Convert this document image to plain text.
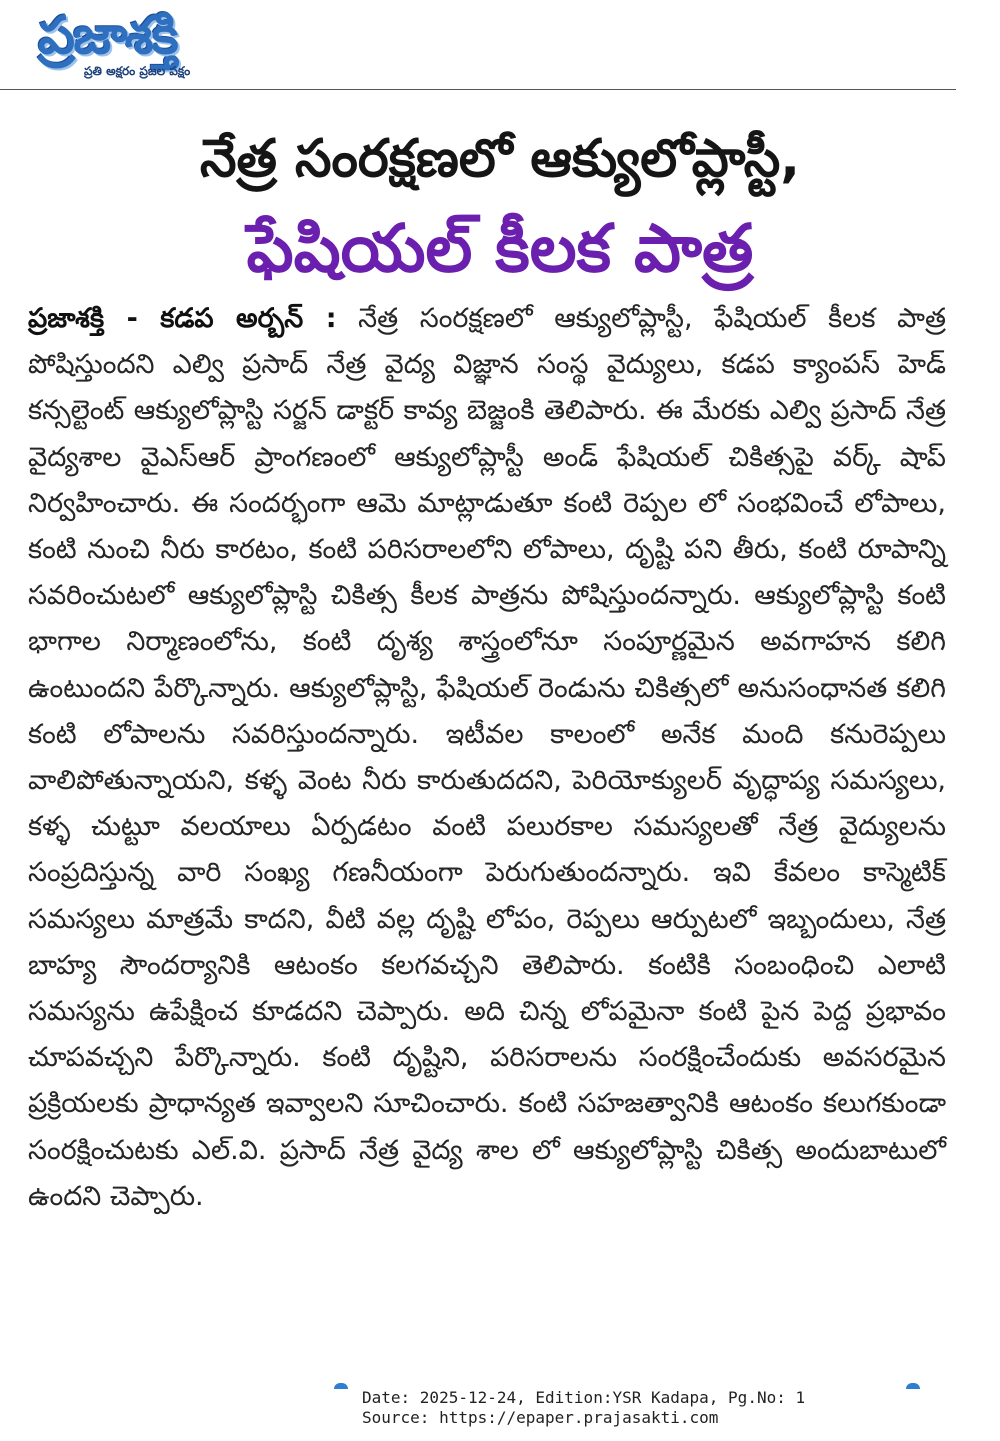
ప్రజాశక్తి
ప్రతి అక్షరం ప్రజల పక్షం
నేత్ర సంరక్షణలో ఆక్యులోప్లాస్టీ,
ఫేషియల్ కీలక పాత్ర

ప్రజాశక్తి - కడప అర్బన్ : నేత్ర సంరక్షణలో ఆక్యులోప్లాస్టీ, ఫేషియల్ కీలక పాత్ర పోషిస్తుందని ఎల్వి ప్రసాద్ నేత్ర వైద్య విజ్ఞాన సంస్థ వైద్యులు, కడప క్యాంపస్ హెడ్ కన్సల్టెంట్ ఆక్యులోప్లాస్టి సర్జన్ డాక్టర్ కావ్య బెజ్జంకి తెలిపారు. ఈ మేరకు ఎల్వి ప్రసాద్ నేత్ర వైద్యశాల వైఎస్ఆర్ ప్రాంగణంలో ఆక్యులోప్లాస్టీ అండ్ ఫేషియల్ చికిత్సపై వర్క్ షాప్ నిర్వహించారు. ఈ సందర్భంగా ఆమె మాట్లాడుతూ కంటి రెప్పల లో సంభవించే లోపాలు, కంటి నుంచి నీరు కారటం, కంటి పరిసరాలలోని లోపాలు, దృష్టి పని తీరు, కంటి రూపాన్ని సవరించుటలో ఆక్యులోప్లాస్టి చికిత్స కీలక పాత్రను పోషిస్తుందన్నారు. ఆక్యులోప్లాస్టి కంటి భాగాల నిర్మాణంలోను, కంటి దృశ్య శాస్త్రంలోనూ సంపూర్ణమైన అవగాహన కలిగి ఉంటుందని పేర్కొన్నారు. ఆక్యులోప్లాస్టి, ఫేషియల్ రెండును చికిత్సలో అనుసంధానత కలిగి కంటి లోపాలను సవరిస్తుందన్నారు. ఇటీవల కాలంలో అనేక మంది కనురెప్పలు వాలిపోతున్నాయని, కళ్ళ వెంట నీరు కారుతుదదని, పెరియోక్యులర్ వృద్ధాప్య సమస్యలు, కళ్ళ చుట్టూ వలయాలు ఏర్పడటం వంటి పలురకాల సమస్యలతో నేత్ర వైద్యులను సంప్రదిస్తున్న వారి సంఖ్య గణనీయంగా పెరుగుతుందన్నారు. ఇవి కేవలం కాస్మెటిక్ సమస్యలు మాత్రమే కాదని, వీటి వల్ల దృష్టి లోపం, రెప్పలు ఆర్పుటలో ఇబ్బందులు, నేత్ర బాహ్య సౌందర్యానికి ఆటంకం కలగవచ్చని తెలిపారు. కంటికి సంబంధించి ఎలాటి సమస్యను ఉపేక్షించ కూడదని చెప్పారు. అది చిన్న లోపమైనా కంటి పైన పెద్ద ప్రభావం చూపవచ్చని పేర్కొన్నారు. కంటి దృష్టిని, పరిసరాలను సంరక్షించేందుకు అవసరమైన ప్రక్రియలకు ప్రాధాన్యత ఇవ్వాలని సూచించారు. కంటి సహజత్వానికి ఆటంకం కలుగకుండా సంరక్షించుటకు ఎల్.వి. ప్రసాద్ నేత్ర వైద్య శాల లో ఆక్యులోప్లాస్టి చికిత్స అందుబాటులో ఉందని చెప్పారు.

Date: 2025-12-24, Edition:YSR Kadapa, Pg.No: 1
Source: https://epaper.prajasakti.com
